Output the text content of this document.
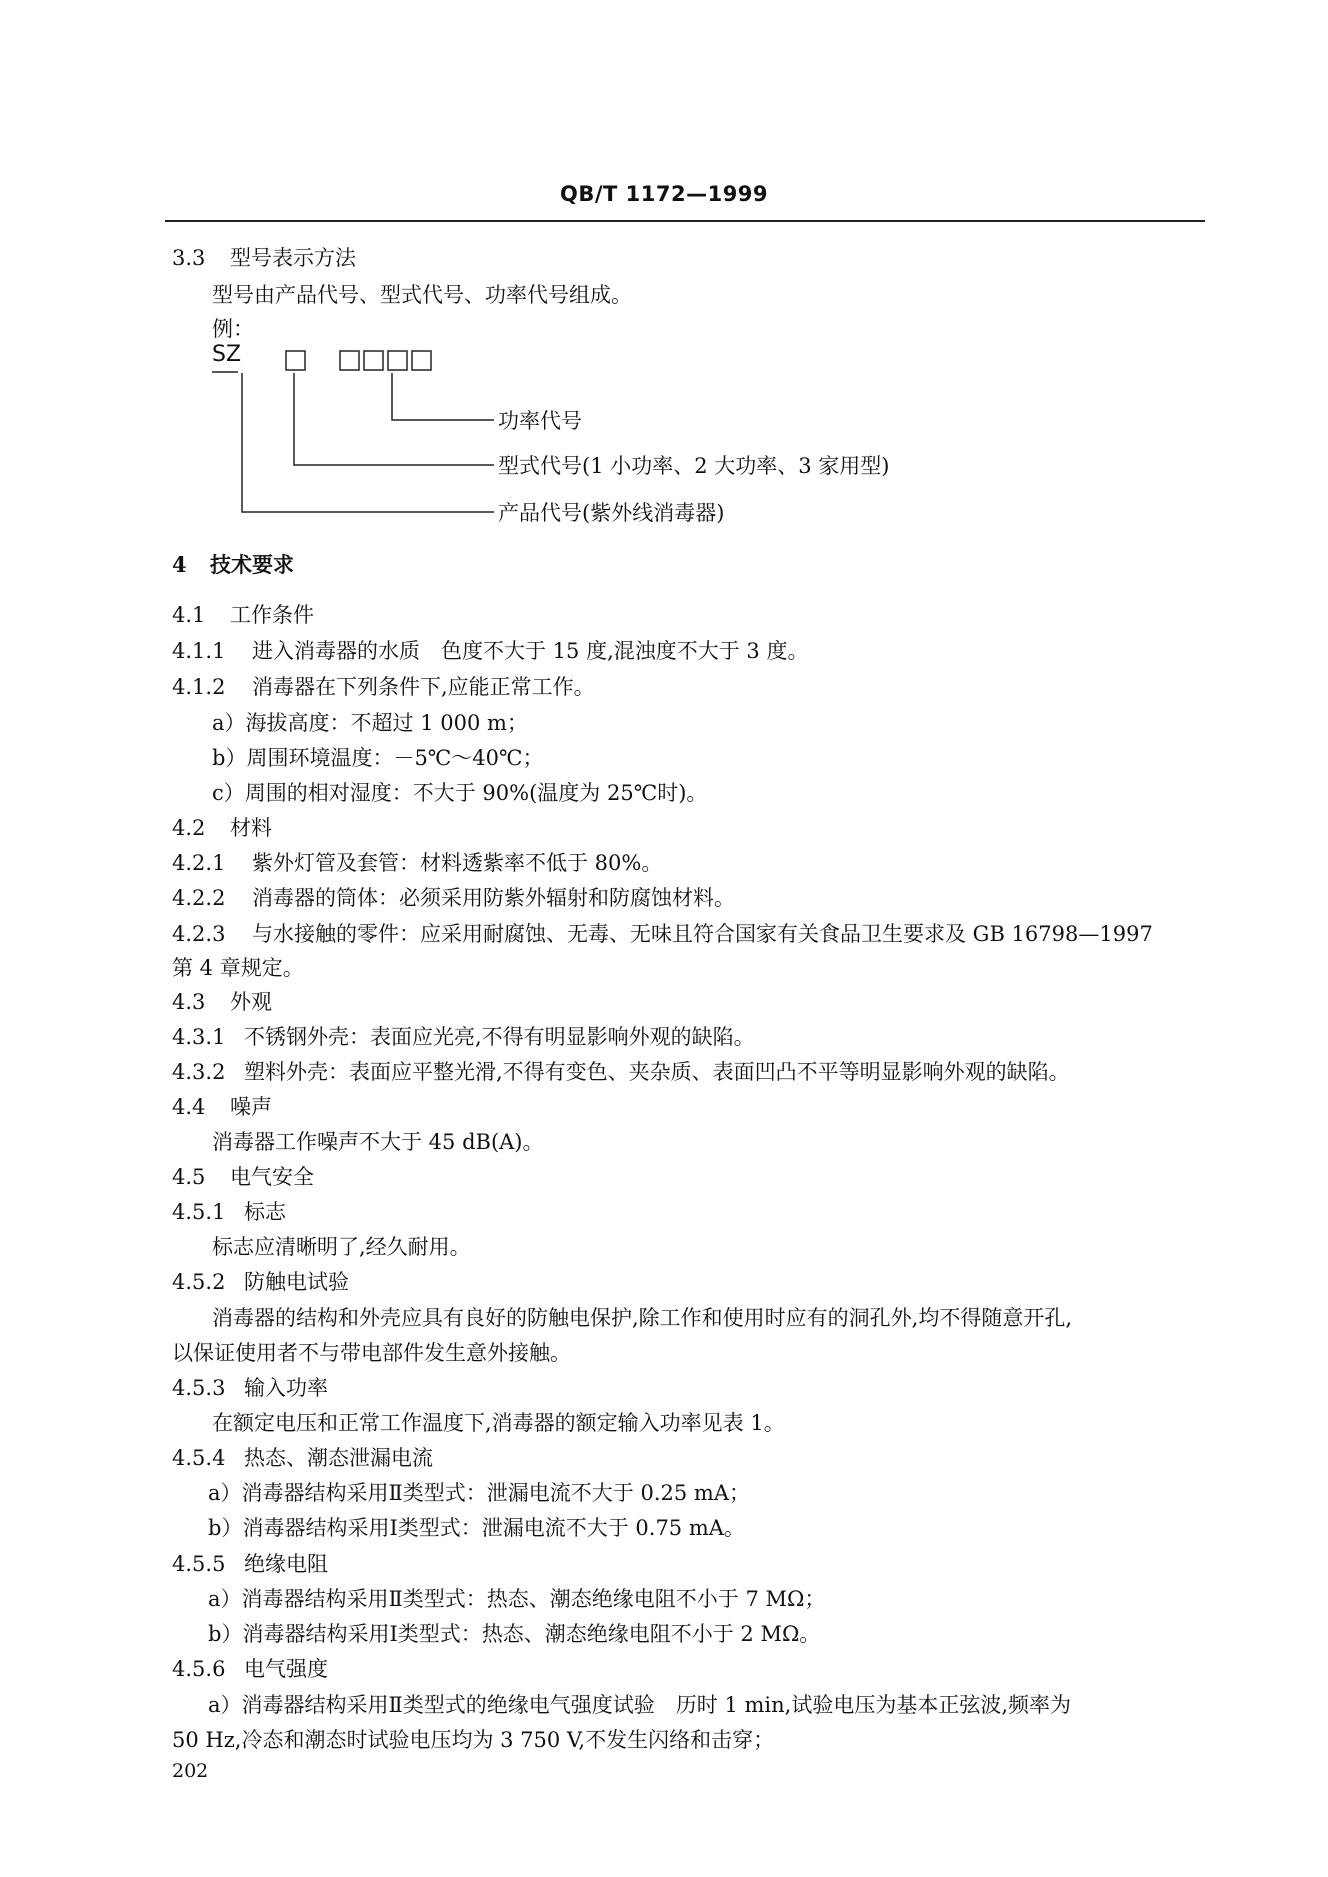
QB/T 1172—1999
3.3 型号表示方法
型号由产品代号、型式代号、功率代号组成。
例：
SZ
功率代号
型式代号(1 小功率、2 大功率、3 家用型)
产品代号(紫外线消毒器)
4 技术要求
4.1 工作条件
4.1.1 进入消毒器的水质　色度不大于 15 度,混浊度不大于 3 度。
4.1.2 消毒器在下列条件下,应能正常工作。
a）海拔高度：不超过 1 000 m；
b）周围环境温度：－5℃～40℃；
c）周围的相对湿度：不大于 90%(温度为 25℃时)。
4.2 材料
4.2.1 紫外灯管及套管：材料透紫率不低于 80%。
4.2.2 消毒器的筒体：必须采用防紫外辐射和防腐蚀材料。
4.2.3 与水接触的零件：应采用耐腐蚀、无毒、无味且符合国家有关食品卫生要求及 GB 16798—1997
第 4 章规定。
4.3 外观
4.3.1 不锈钢外壳：表面应光亮,不得有明显影响外观的缺陷。
4.3.2 塑料外壳：表面应平整光滑,不得有变色、夹杂质、表面凹凸不平等明显影响外观的缺陷。
4.4 噪声
消毒器工作噪声不大于 45 dB(A)。
4.5 电气安全
4.5.1 标志
标志应清晰明了,经久耐用。
4.5.2 防触电试验
消毒器的结构和外壳应具有良好的防触电保护,除工作和使用时应有的洞孔外,均不得随意开孔,
以保证使用者不与带电部件发生意外接触。
4.5.3 输入功率
在额定电压和正常工作温度下,消毒器的额定输入功率见表 1。
4.5.4 热态、潮态泄漏电流
a）消毒器结构采用Ⅱ类型式：泄漏电流不大于 0.25 mA；
b）消毒器结构采用Ⅰ类型式：泄漏电流不大于 0.75 mA。
4.5.5 绝缘电阻
a）消毒器结构采用Ⅱ类型式：热态、潮态绝缘电阻不小于 7 MΩ；
b）消毒器结构采用Ⅰ类型式：热态、潮态绝缘电阻不小于 2 MΩ。
4.5.6 电气强度
a）消毒器结构采用Ⅱ类型式的绝缘电气强度试验　历时 1 min,试验电压为基本正弦波,频率为
50 Hz,冷态和潮态时试验电压均为 3 750 V,不发生闪络和击穿；
202
